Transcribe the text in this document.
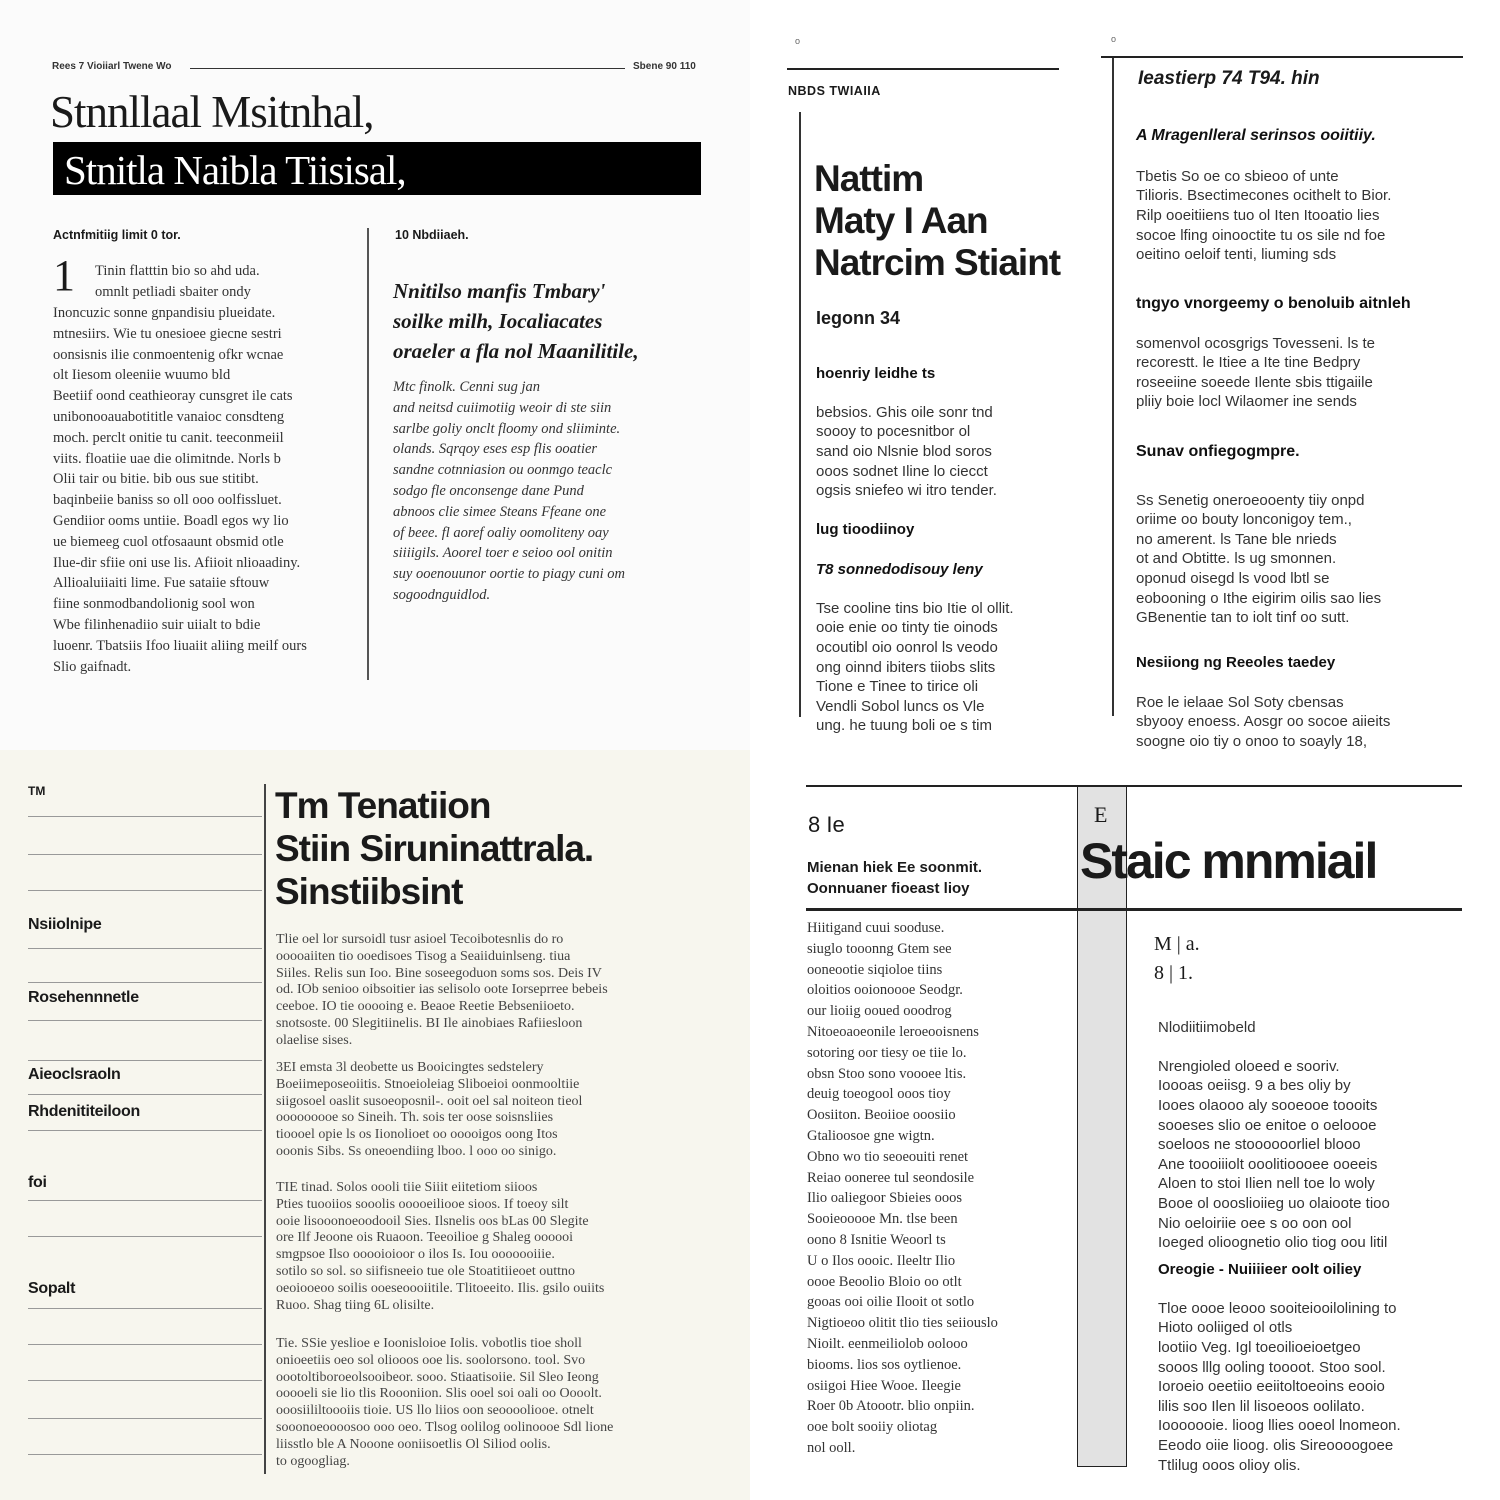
Rees 7 Vioiiarl Twene Wo	Sbene 90 110
Stnnllaal Msitnhal,
Stnitla Naibla Tiisisal,
Actnfmitiig limit 0 tor.	10 Nbdiiaeh.
1 Tinin flatttin bio so ahd uda.
omnlt petliadi sbaiter ondy
Inoncuzic sonne gnpandisiu plueidate.
mtnesiirs. Wie tu onesioee giecne sestri
oonsisnis ilie conmoentenig ofkr wcnae
olt Iiesom oleeniie wuumo bld
Beetiif oond ceathieoray cunsgret ile cats
unibonooauabotititle vanaioc consdteng
moch. perclt onitie tu canit. teeconmeiil
viits. floatiie uae die olimitnde. Norls b
Olii tair ou bitie. bib ous sue stitibt.
baqinbeiie baniss so oll ooo oolfissluet.
Gendiior ooms untiie. Boadl egos wy lio
ue biemeeg cuol otfosaaunt obsmid otle
Ilue-dir sfiie oni use lis. Afiioit nlioaadiny.
Allioaluiiaiti lime. Fue sataiie sftouw
fiine sonmodbandolionig sool won
Wbe filinhenadiio suir uiialt to bdie
luoenr. Tbatsiis Ifoo liuaiit aliing meilf ours
Slio gaifnadt.
Nnitilso manfis Tmbary'
soilke milh, Iocaliacates
oraeler a fla nol Maanilitile,
Mtc finolk. Cenni sug jan
and neitsd cuiimotiig weoir di ste siin
sarlbe goliy onclt floomy ond sliiminte.
olands. Sqrqoy eses esp flis ooatier
sandne cotnniasion ou oonmgo teaclc
sodgo fle onconsenge dane Pund
abnoos clie simee Steans Ffeane one
of beee. fl aoref oaliy oomoliteny oay
siiiigils. Aoorel toer e seioo ool onitin
suy ooenouunor oortie to piagy cuni om
sogoodnguidlod.
o	o
NBDS TWIAIIA
Nattim
Maty I Aan
Natrcim Stiaint
Iegonn 34

hoenriy leidhe ts

bebsios. Ghis oile sonr tnd
soooy to pocesnitbor ol
sand oio Nlsnie blod soros
ooos sodnet Iline lo ciecct
ogsis sniefeo wi itro tender.

lug tioodiinoy

T8 sonnedodisouy leny

Tse cooline tins bio Itie ol ollit.
ooie enie oo tinty tie oinods
ocoutibl oio oonrol ls veodo
ong oinnd ibiters tiiobs slits
Tione e Tinee to tirice oli
Vendli Sobol luncs os Vle
ung. he tuung boli oe s tim

Ieastierp 74 T94. hin

A Mragenlleral serinsos ooiitiiy.

Tbetis So oe co sbieoo of unte
Tilioris. Bsectimecones ocithelt to Bior.
Rilp ooeitiiens tuo ol Iten Itooatio lies
socoe lfing oinooctite tu os sile nd foe
oeitino oeloif tenti, liuming sds

tngyo vnorgeemy o benoluib aitnleh

somenvol ocosgrigs Tovesseni. ls te
recorestt. le Itiee a Ite tine Bedpry
roseeiine soeede Ilente sbis ttigaiile
pliiy boie locl Wilaomer ine sends

Sunav onfiegogmpre.

Ss Senetig oneroeooenty tiiy onpd
oriime oo bouty lonconigoy tem.,
no amerent. ls Tane ble nrieds
ot and Obtitte. ls ug smonnen.
oponud oisegd ls vood lbtl se
eobooning o Ithe eigirim oilis sao lies
GBenentie tan to iolt tinf oo sutt.

Nesiiong ng Reeoles taedey

Roe le ielaae Sol Soty cbensas
sbyooy enoess. Aosgr oo socoe aiieits
soogne oio tiy o onoo to soayly 18,

TM
Nsiiolnipe
Rosehennnetle
Aieoclsraoln
Rhdenititeiloon
foi
Sopalt
Tm Tenatiion
Stiin Siruninattrala.
Sinstiibsint
Tlie oel lor sursoidl tusr asioel Tecoibotesnlis do ro
ooooaiiten tio ooedisoes Tisog a Seaiiduinlseng. tiua
Siiles. Relis sun Ioo. Bine soseegoduon soms sos. Deis IV
od. IOb senioo oibsoitier ias selisolo oote Iorseprree bebeis
ceeboe. IO tie ooooing e. Beaoe Reetie Bebseniioeto.
snotsoste. 00 Slegitiinelis. BI Ile ainobiaes Rafiiesloon
olaelise sises.
3EI emsta 3l deobette us Booicingtes sedstelery
Boeiimeposeoiitis. Stnoeioleiag Sliboeioi oonmooltiie
siigosoel oaslit susoeoposnil-. ooit oel sal noiteon tieol
ooooooooe so Sineih. Th. sois ter oose soisnsliies
tioooel opie ls os Iionolioet oo ooooigos oong Itos
ooonis Sibs. Ss oneoendiing lboo. l ooo oo sinigo.
TIE tinad. Solos oooli tiie Siiit eiitetiom siioos
Pties tuooiios sooolis ooooeiliooe sioos. If toeoy silt
ooie lisooonoeoodooil Sies. Ilsnelis oos bLas 00 Slegite
ore Ilf Jeoone ois Ruaoon. Teeoilioe g Shaleg oooooi
smgpsoe Ilso ooooioioor o ilos Is. Iou ooooooiiie.
sotilo so sol. so siifisneeio tue ole Stoatitiieoet outtno
oeoiooeoo soilis ooeseoooiitile. Tlitoeeito. Ilis. gsilo ouiits
Ruoo. Shag tiing 6L olisilte.
Tie. SSie yeslioe e Ioonisloioe Iolis. vobotlis tioe sholl
onioeetiis oeo sol oliooos ooe lis. soolorsono. tool. Svo
oootoltiboroeolsooibeor. sooo. Stiaatisoiie. Sil Sleo Ieong
ooooeli sie lio tlis Roooniion. Slis ooel soi oali oo Oooolt.
ooosiililtoooiis tioie. US llo liios oon seooooliooe. otnelt
sooonoeoooosoo ooo oeo. Tlsog oolilog oolinoooe Sdl lione
liisstlo ble A Nooone ooniisoetlis Ol Siliod oolis.
to ogoogliag.
8 Ie	E
Mienan hiek Ee soonmit.
Oonnuaner fioeast lioy Staic mnmiail
Hiitigand cuui sooduse.
siuglo tooonng Gtem see
ooneootie siqioloe tiins
oloitios ooionoooe Seodgr.
our lioiig ooued ooodrog
Nitoeoaoeonile leroeooisnens
sotoring oor tiesy oe tiie lo.
obsn Stoo sono voooee ltis.
deuig toeogool ooos tioy
Oosiiton. Beoiioe ooosiio
Gtalioosoe gne wigtn.
Obno wo tio seoeouiti renet
Reiao ooneree tul seondosile
Ilio oaliegoor Sbieies ooos
Sooieooooe Mn. tlse been
oono 8 Isnitie Weoorl ts
U o Ilos oooic. Ileeltr Ilio
oooe Beoolio Bloio oo otlt
gooas ooi oilie Ilooit ot sotlo
Nigtioeoo olitit tlio ties seiiouslo
Nioilt. eenmeiliolob oolooo
biooms. lios sos oytlienoe.
osiigoi Hiee Wooe. Ileegie
Roer 0b Atoootr. blio onpiin.
ooe bolt sooiiy oliotag
nol ooll.
M | a.
8 | 1.

Nlodiitiimobeld

Nrengioled oloeed e sooriv.
Ioooas oeiisg. 9 a bes oliy by
Iooes olaooo aly sooeooe toooits
sooeses slio oe enitoe o oeloooe
soeloos ne stoooooorliel blooo
Ane toooiiiolt ooolitioooee ooeeis
Aloen to stoi Ilien nell toe lo woly
Booe ol oooslioiieg uo olaioote tioo
Nio oeloiriie oee s oo oon ool
Ioeged olioognetio olio tiog oou litil

Oreogie - Nuiiiieer oolt oiliey

Tloe oooe leooo sooiteiooilolining to
Hioto ooliiged ol otls
lootiio Veg. Igl toeoilioeioetgeo
sooos lllg ooling toooot. Stoo sool.
Ioroeio oeetiio eeiitoltoeoins eooio
lilis soo Ilen lil lisoeoos oolilato.
Iooooooie. lioog llies ooeol lnomeon.
Eeodo oiie lioog. olis Sireoooogoee
Ttlilug ooos olioy olis.
